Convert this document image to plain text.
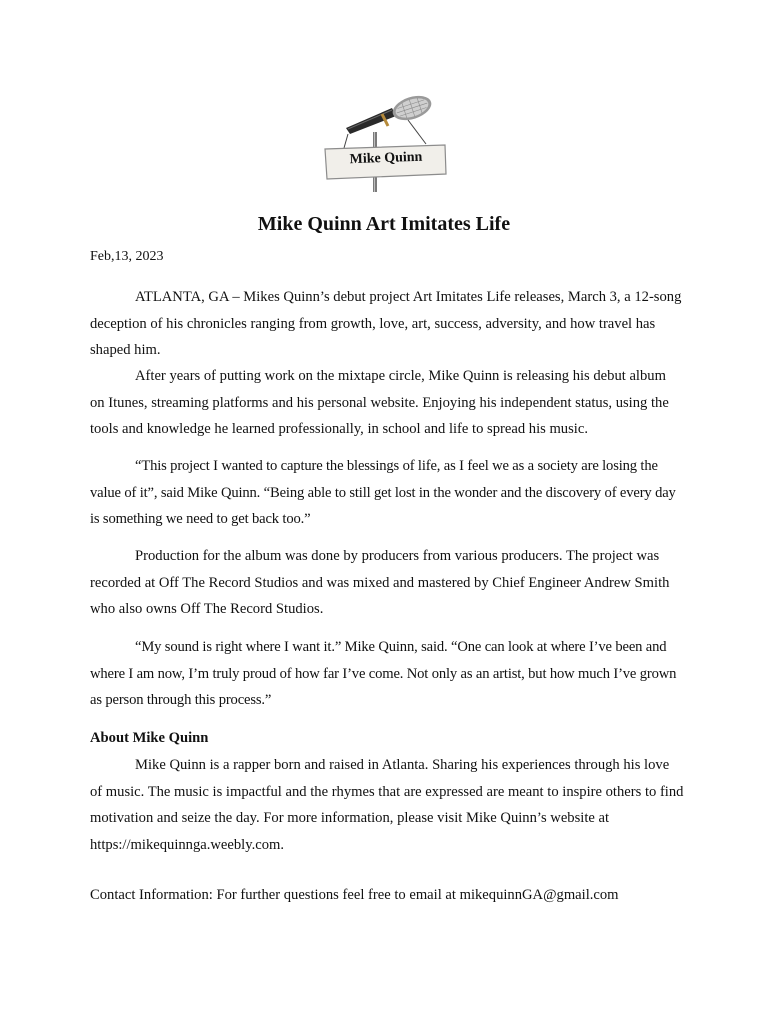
Mike Quinn
Mike Quinn Art Imitates Life
Feb,13, 2023

ATLANTA, GA – Mikes Quinn’s debut project Art Imitates Life releases, March 3, a 12-song deception of his chronicles ranging from growth, love, art, success, adversity, and how travel has shaped him.

After years of putting work on the mixtape circle, Mike Quinn is releasing his debut album on Itunes, streaming platforms and his personal website. Enjoying his independent status, using the tools and knowledge he learned professionally, in school and life to spread his music.

“This project I wanted to capture the blessings of life, as I feel we as a society are losing the value of it”, said Mike Quinn. “Being able to still get lost in the wonder and the discovery of every day is something we need to get back too.”

Production for the album was done by producers from various producers. The project was recorded at Off The Record Studios and was mixed and mastered by Chief Engineer Andrew Smith who also owns Off The Record Studios.

“My sound is right where I want it.” Mike Quinn, said. “One can look at where I’ve been and where I am now, I’m truly proud of how far I’ve come. Not only as an artist, but how much I’ve grown as person through this process.”

About Mike Quinn

Mike Quinn is a rapper born and raised in Atlanta. Sharing his experiences through his love of music. The music is impactful and the rhymes that are expressed are meant to inspire others to find motivation and seize the day. For more information, please visit Mike Quinn’s website at https://mikequinnga.weebly.com.

Contact Information: For further questions feel free to email at mikequinnGA@gmail.com
